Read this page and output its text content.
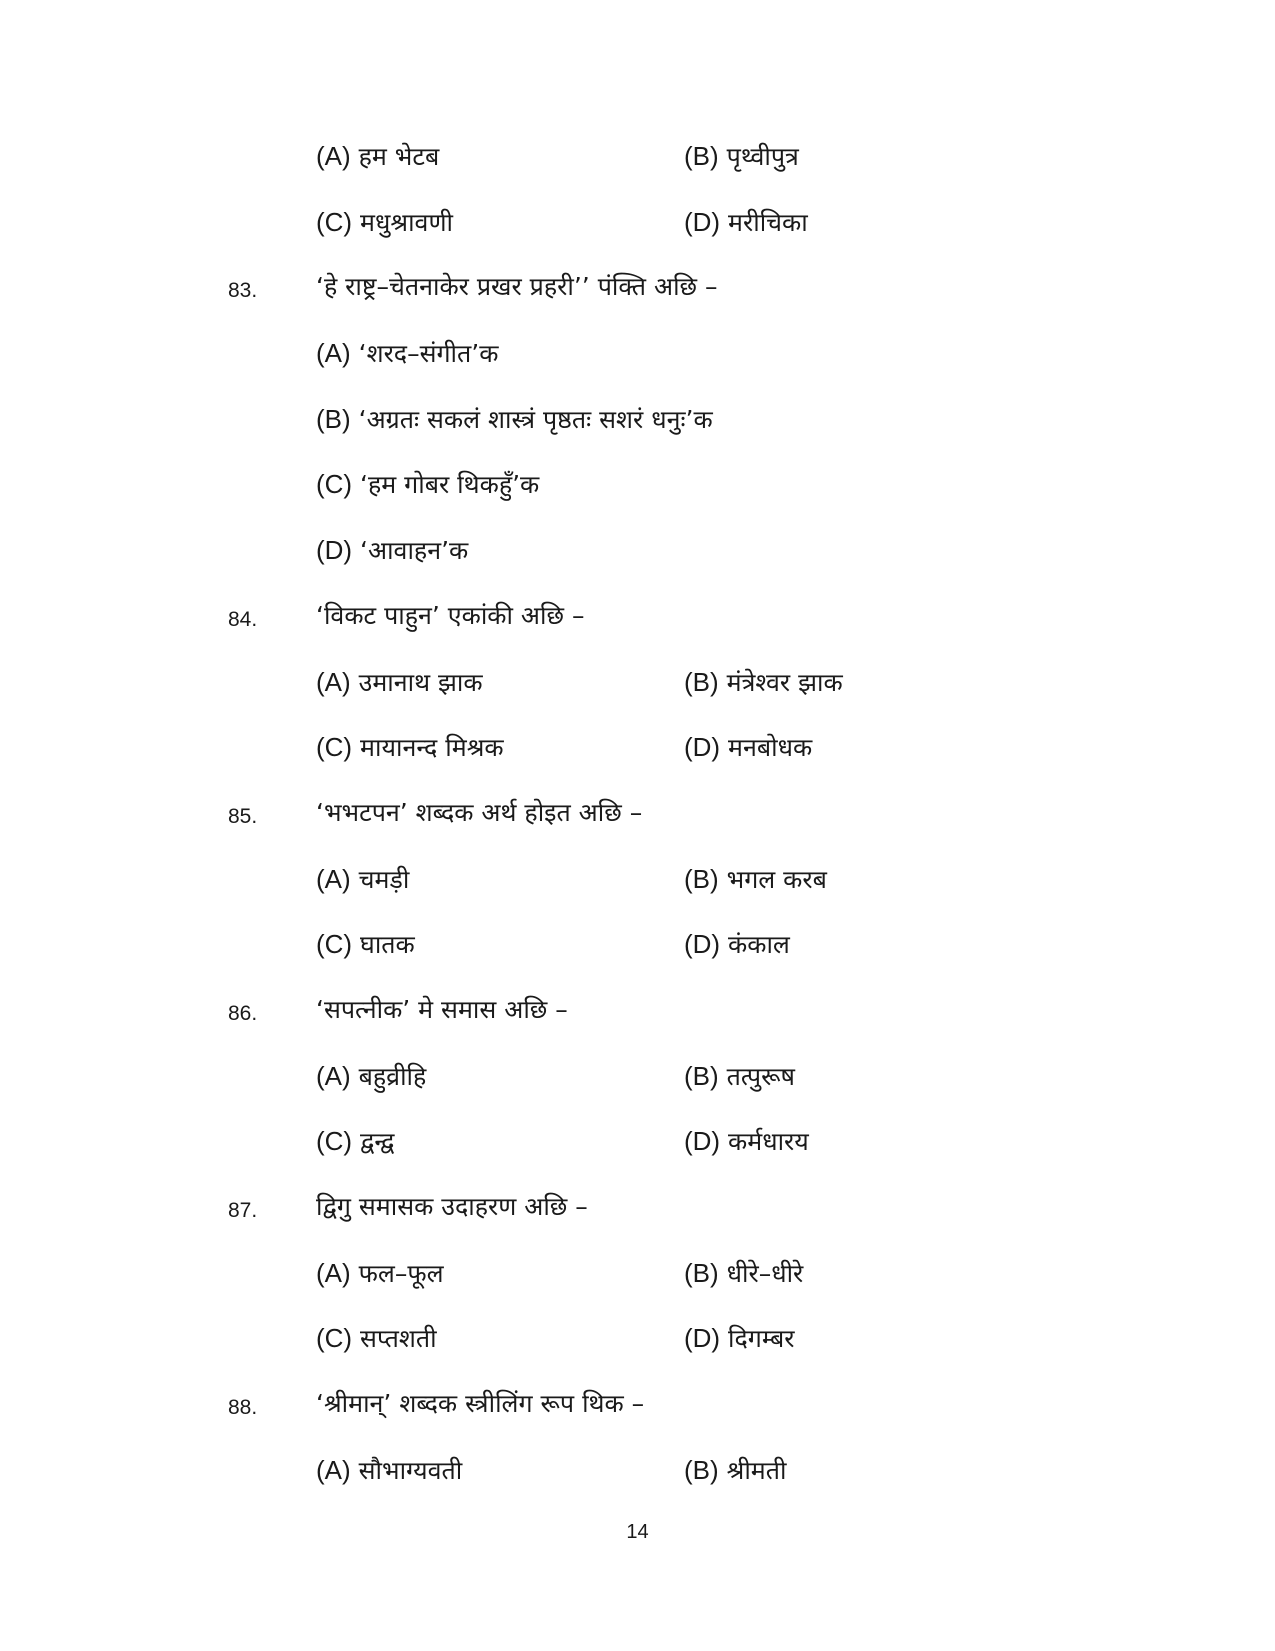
(A) हम भेटब	(B) पृथ्वीपुत्र
(C) मधुश्रावणी	(D) मरीचिका
83. ‘हे राष्ट्र–चेतनाकेर प्रखर प्रहरी’’ पंक्ति अछि –
(A) ‘शरद–संगीत’क
(B) ‘अग्रतः सकलं शास्त्रं पृष्ठतः सशरं धनुः’क
(C) ‘हम गोबर थिकहुँ’क
(D) ‘आवाहन’क
84. ‘विकट पाहुन’ एकांकी अछि –
(A) उमानाथ झाक	(B) मंत्रेश्वर झाक
(C) मायानन्द मिश्रक	(D) मनबोधक
85. ‘भभटपन’ शब्दक अर्थ होइत अछि –
(A) चमड़ी	(B) भगल करब
(C) घातक	(D) कंकाल
86. ‘सपत्नीक’ मे समास अछि –
(A) बहुव्रीहि	(B) तत्पुरूष
(C) द्वन्द्व	(D) कर्मधारय
87. द्विगु समासक उदाहरण अछि –
(A) फल–फूल	(B) धीरे–धीरे
(C) सप्तशती	(D) दिगम्बर
88. ‘श्रीमान्’ शब्दक स्त्रीलिंग रूप थिक –
(A) सौभाग्यवती	(B) श्रीमती
14
